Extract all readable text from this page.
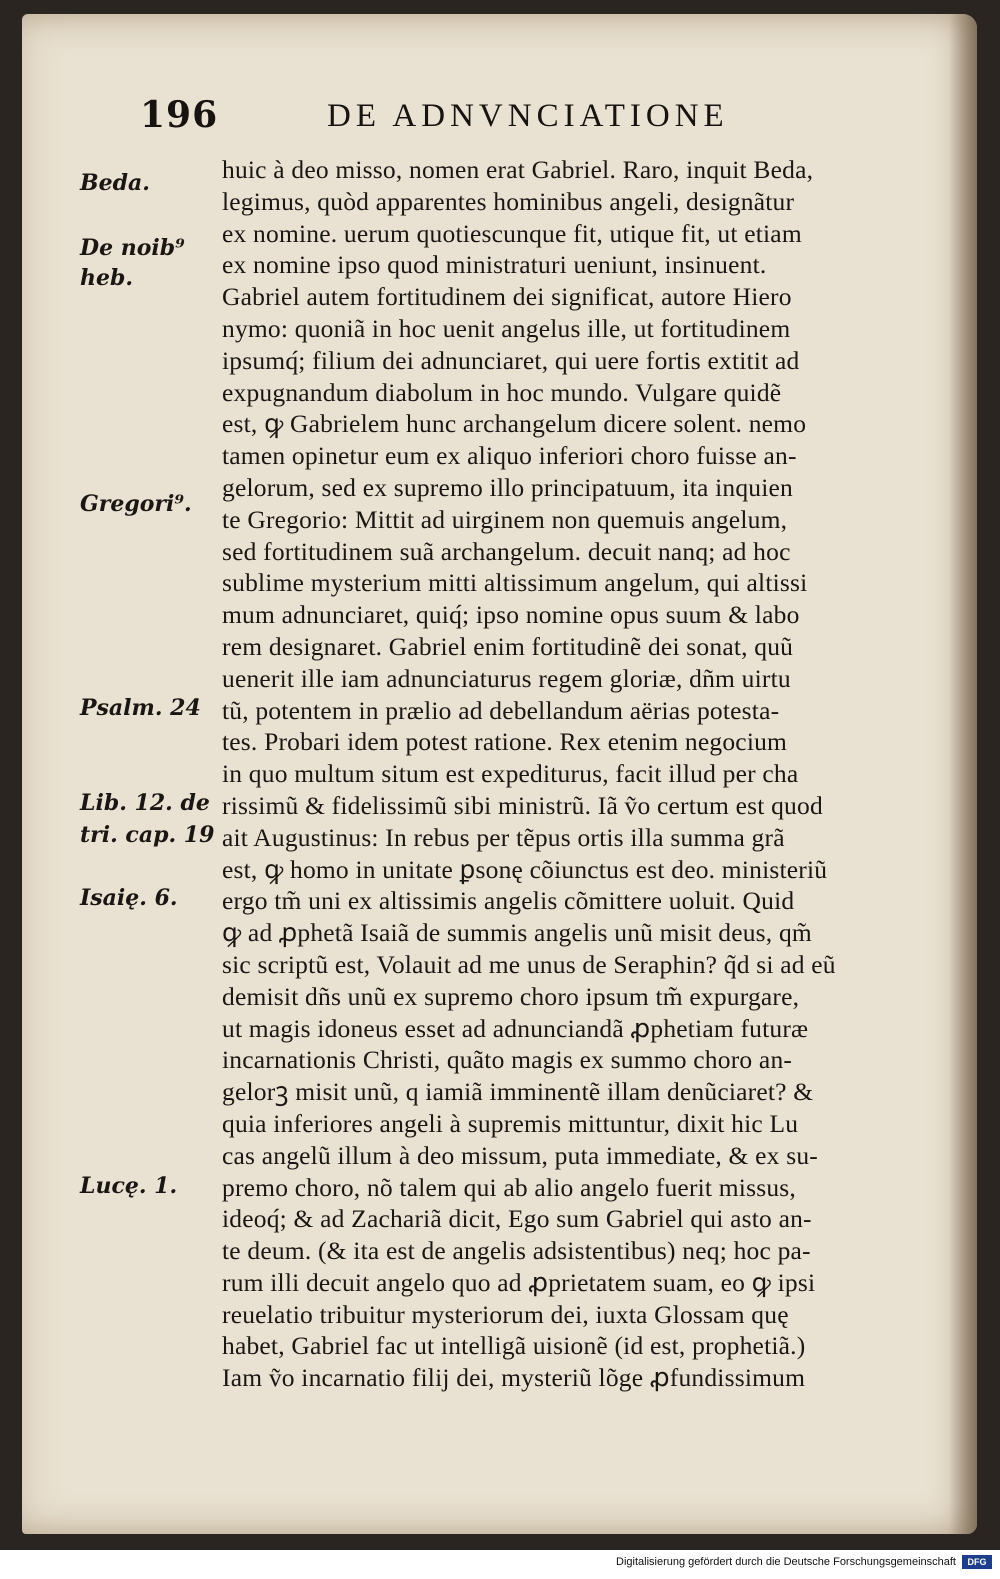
196	DE ADNVNCIATIONE
Beda.
De noib⁹
heb.
Gregori⁹.
Psalm. 24
Lib. 12. de
tri. cap. 19
Isaię. 6.
Lucę. 1.
huic à deo misso, nomen erat Gabriel. Raro, inquit Beda,
legimus, quòd apparentes hominibus angeli, designãtur
ex nomine. uerum quotiescunque fit, utique fit, ut etiam
ex nomine ipso quod ministraturi ueniunt, insinuent.
Gabriel autem fortitudinem dei significat, autore Hiero
nymo: quoniã in hoc uenit angelus ille, ut fortitudinem
ipsumq́; filium dei adnunciaret, qui uere fortis extitit ad
expugnandum diabolum in hoc mundo. Vulgare quidẽ
est, ꝙ Gabrielem hunc archangelum dicere solent. nemo
tamen opinetur eum ex aliquo inferiori choro fuisse an-
gelorum, sed ex supremo illo principatuum, ita inquien
te Gregorio: Mittit ad uirginem non quemuis angelum,
sed fortitudinem suã archangelum. decuit nanq; ad hoc
sublime mysterium mitti altissimum angelum, qui altissi
mum adnunciaret, quiq́; ipso nomine opus suum & labo
rem designaret. Gabriel enim fortitudinẽ dei sonat, quũ
uenerit ille iam adnunciaturus regem gloriæ, dñm uirtu
tũ, potentem in prælio ad debellandum aërias potesta-
tes. Probari idem potest ratione. Rex etenim negocium
in quo multum situm est expediturus, facit illud per cha
rissimũ & fidelissimũ sibi ministrũ. Iã ṽo certum est quod
ait Augustinus: In rebus per tẽpus ortis illa summa grã
est, ꝙ homo in unitate ꝑsonę cõiunctus est deo. ministeriũ
ergo tm̃ uni ex altissimis angelis cõmittere uoluit. Quid
ꝙ ad ꝓphetã Isaiã de summis angelis unũ misit deus, qm̃
sic scriptũ est, Volauit ad me unus de Seraphin? q̃d si ad eũ
demisit dñs unũ ex supremo choro ipsum tm̃ expurgare,
ut magis idoneus esset ad adnunciandã ꝓphetiam futuræ
incarnationis Christi, quãto magis ex summo choro an-
gelorꝫ misit unũ, q iamiã imminentẽ illam denũciaret? &
quia inferiores angeli à supremis mittuntur, dixit hic Lu
cas angelũ illum à deo missum, puta immediate, & ex su-
premo choro, nõ talem qui ab alio angelo fuerit missus,
ideoq́; & ad Zachariã dicit, Ego sum Gabriel qui asto an-
te deum. (& ita est de angelis adsistentibus) neq; hoc pa-
rum illi decuit angelo quo ad ꝓprietatem suam, eo ꝙ ipsi
reuelatio tribuitur mysteriorum dei, iuxta Glossam quę
habet, Gabriel fac ut intelligã uisionẽ (id est, prophetiã.)
Iam ṽo incarnatio filij dei, mysteriũ lõge ꝓfundissimum
Digitalisierung gefördert durch die Deutsche Forschungsgemeinschaft	DFG
